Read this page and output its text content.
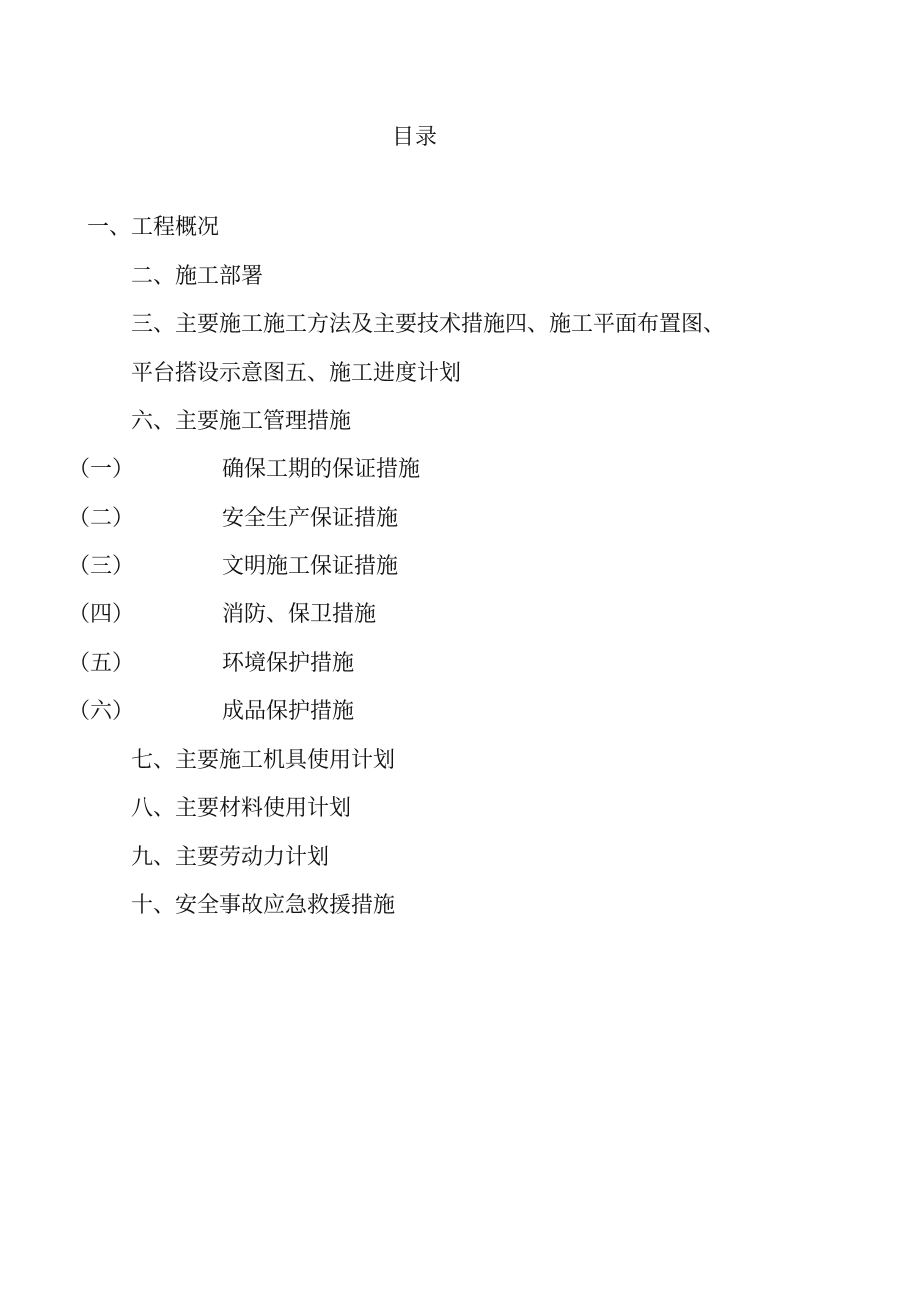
目录
一、工程概况
二、施工部署
三、主要施工施工方法及主要技术措施四、施工平面布置图、
平台搭设示意图五、施工进度计划
六、主要施工管理措施
（一）	确保工期的保证措施
（二）	安全生产保证措施
（三）	文明施工保证措施
（四）	消防、保卫措施
（五）	环境保护措施
（六）	成品保护措施
七、主要施工机具使用计划
八、主要材料使用计划
九、主要劳动力计划
十、安全事故应急救援措施
